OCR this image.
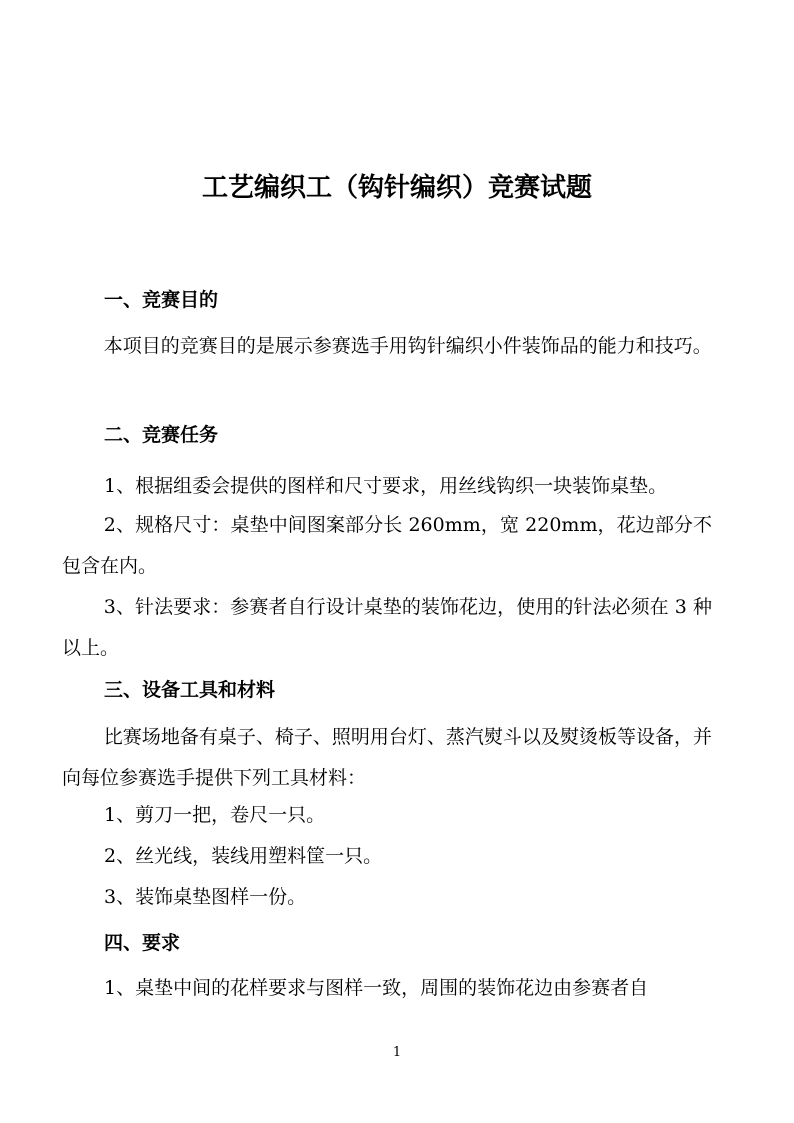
工艺编织工（钩针编织）竞赛试题
一、竞赛目的

本项目的竞赛目的是展示参赛选手用钩针编织小件装饰品的能力和技巧。

二、竞赛任务

1、根据组委会提供的图样和尺寸要求，用丝线钩织一块装饰桌垫。

2、规格尺寸：桌垫中间图案部分长 260mm，宽 220mm，花边部分不包含在内。

3、针法要求：参赛者自行设计桌垫的装饰花边，使用的针法必须在 3 种以上。

三、设备工具和材料

比赛场地备有桌子、椅子、照明用台灯、蒸汽熨斗以及熨烫板等设备，并向每位参赛选手提供下列工具材料：

1、剪刀一把，卷尺一只。

2、丝光线，装线用塑料筐一只。

3、装饰桌垫图样一份。

四、要求

1、桌垫中间的花样要求与图样一致，周围的装饰花边由参赛者自

1
